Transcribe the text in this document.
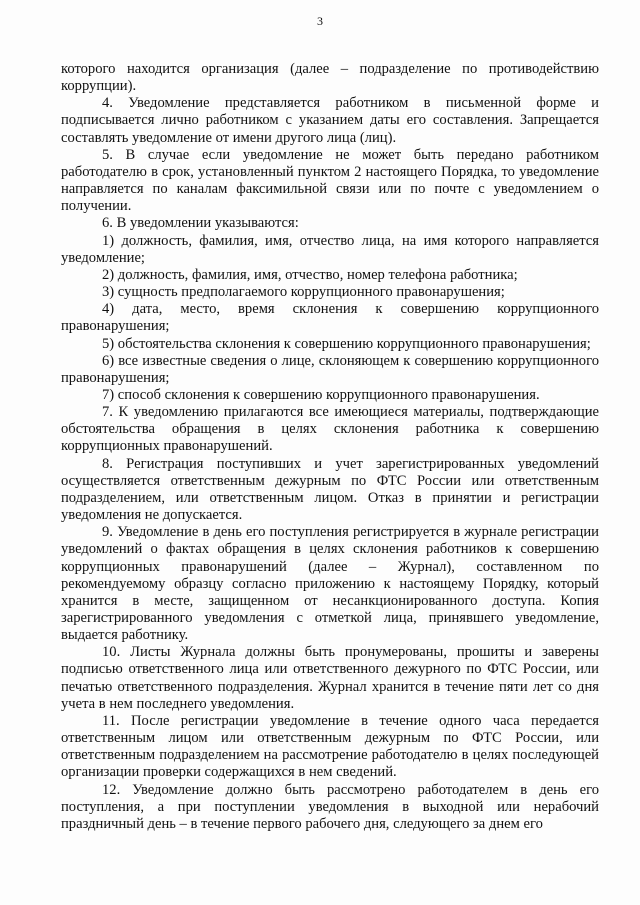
3

которого находится организация (далее – подразделение по противодействию коррупции).

4. Уведомление представляется работником в письменной форме и подписывается лично работником с указанием даты его составления. Запрещается составлять уведомление от имени другого лица (лиц).

5. В случае если уведомление не может быть передано работником работодателю в срок, установленный пунктом 2 настоящего Порядка, то уведомление направляется по каналам факсимильной связи или по почте с уведомлением о получении.

6. В уведомлении указываются:

1) должность, фамилия, имя, отчество лица, на имя которого направляется уведомление;

2) должность, фамилия, имя, отчество, номер телефона работника;

3) сущность предполагаемого коррупционного правонарушения;

4) дата, место, время склонения к совершению коррупционного правонарушения;

5) обстоятельства склонения к совершению коррупционного правонарушения;

6) все известные сведения о лице, склоняющем к совершению коррупционного правонарушения;

7) способ склонения к совершению коррупционного правонарушения.

7. К уведомлению прилагаются все имеющиеся материалы, подтверждающие обстоятельства обращения в целях склонения работника к совершению коррупционных правонарушений.

8. Регистрация поступивших и учет зарегистрированных уведомлений осуществляется ответственным дежурным по ФТС России или ответственным подразделением, или ответственным лицом. Отказ в принятии и регистрации уведомления не допускается.

9. Уведомление в день его поступления регистрируется в журнале регистрации уведомлений о фактах обращения в целях склонения работников к совершению коррупционных правонарушений (далее – Журнал), составленном по рекомендуемому образцу согласно приложению к настоящему Порядку, который хранится в месте, защищенном от несанкционированного доступа. Копия зарегистрированного уведомления с отметкой лица, принявшего уведомление, выдается работнику.

10. Листы Журнала должны быть пронумерованы, прошиты и заверены подписью ответственного лица или ответственного дежурного по ФТС России, или печатью ответственного подразделения. Журнал хранится в течение пяти лет со дня учета в нем последнего уведомления.

11. После регистрации уведомление в течение одного часа передается ответственным лицом или ответственным дежурным по ФТС России, или ответственным подразделением на рассмотрение работодателю в целях последующей организации проверки содержащихся в нем сведений.

12. Уведомление должно быть рассмотрено работодателем в день его поступления, а при поступлении уведомления в выходной или нерабочий праздничный день – в течение первого рабочего дня, следующего за днем его
